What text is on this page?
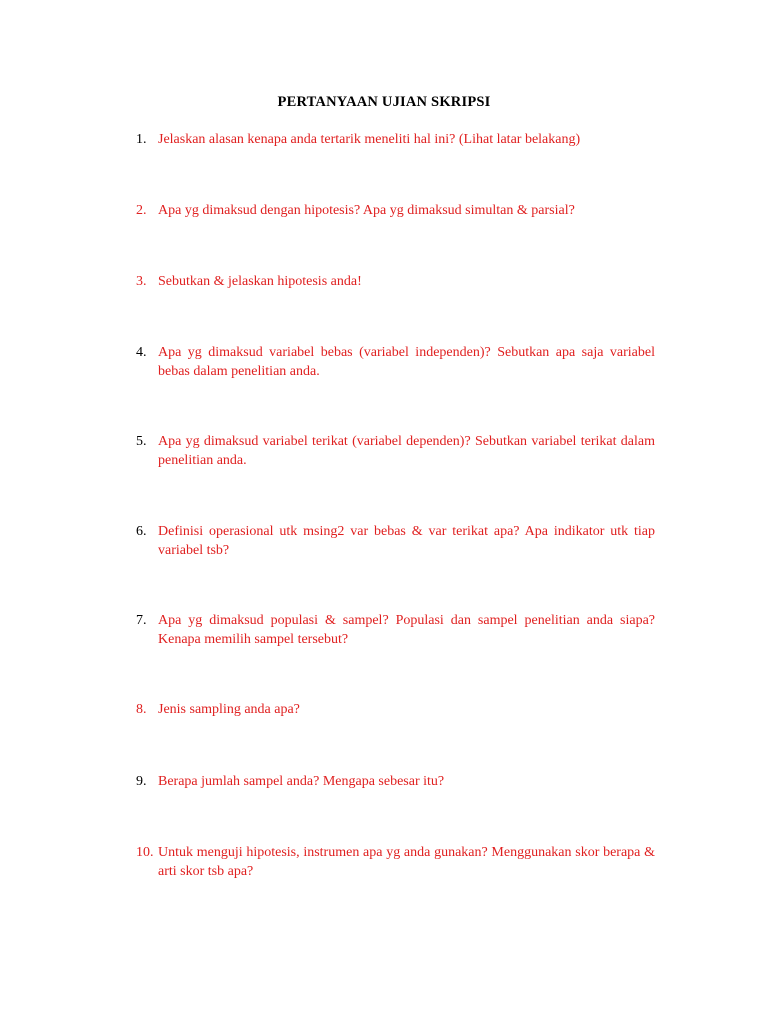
PERTANYAAN UJIAN SKRIPSI
1. Jelaskan alasan kenapa anda tertarik meneliti hal ini? (Lihat latar belakang)
2. Apa yg dimaksud dengan hipotesis? Apa yg dimaksud simultan & parsial?
3. Sebutkan & jelaskan hipotesis anda!
4. Apa yg dimaksud variabel bebas (variabel independen)? Sebutkan apa saja variabel bebas dalam penelitian anda.
5. Apa yg dimaksud variabel terikat (variabel dependen)? Sebutkan variabel terikat dalam penelitian anda.
6. Definisi operasional utk msing2 var bebas & var terikat apa? Apa indikator utk tiap variabel tsb?
7. Apa yg dimaksud populasi & sampel? Populasi dan sampel penelitian anda siapa? Kenapa memilih sampel tersebut?
8. Jenis sampling anda apa?
9. Berapa jumlah sampel anda? Mengapa sebesar itu?
10. Untuk menguji hipotesis, instrumen apa yg anda gunakan? Menggunakan skor berapa & arti skor tsb apa?
